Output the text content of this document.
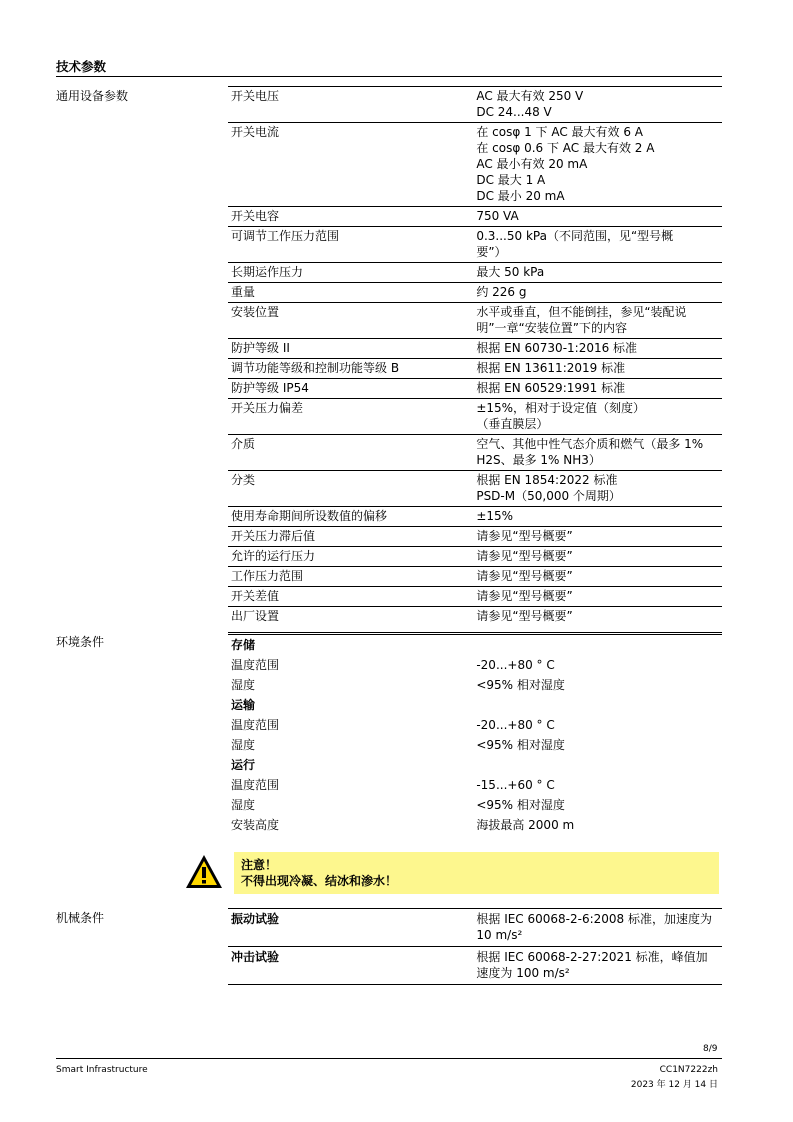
技术参数
通用设备参数	开关电压	AC 最大有效 250 V
DC 24...48 V

开关电流	在 cosφ 1 下 AC 最大有效 6 A
在 cosφ 0.6 下 AC 最大有效 2 A
AC 最小有效 20 mA
DC 最大 1 A
DC 最小 20 mA

开关电容	750 VA

可调节工作压力范围	0.3...50 kPa（不同范围，见“型号概
要”）

长期运作压力	最大 50 kPa

重量	约 226 g

安装位置	水平或垂直，但不能倒挂，参见“装配说
明”一章“安装位置”下的内容

防护等级 II	根据 EN 60730-1:2016 标准

调节功能等级和控制功能等级 B	根据 EN 13611:2019 标准

防护等级 IP54	根据 EN 60529:1991 标准

开关压力偏差	±15%，相对于设定值（刻度）
（垂直膜层）

介质	空气、其他中性气态介质和燃气（最多 1%
H2S、最多 1% NH3）

分类	根据 EN 1854:2022 标准
PSD-M（50,000 个周期）

使用寿命期间所设数值的偏移	±15%

开关压力滞后值	请参见“型号概要”

允许的运行压力	请参见“型号概要”

工作压力范围	请参见“型号概要”

开关差值	请参见“型号概要”

出厂设置	请参见“型号概要”
环境条件	存储	
温度范围	-20...+80 ° C
湿度	<95% 相对湿度
运输	
温度范围	-20...+80 ° C
湿度	<95% 相对湿度
运行	
温度范围	-15...+60 ° C
湿度	<95% 相对湿度
安装高度	海拔最高 2000 m
注意！
不得出现冷凝、结冰和渗水！
机械条件	振动试验	根据 IEC 60068-2-6:2008 标准，加速度为
10 m/s²

冲击试验	根据 IEC 60068-2-27:2021 标准，峰值加
速度为 100 m/s²
8/9
Smart Infrastructure	CC1N7222zh
2023 年 12 月 14 日
